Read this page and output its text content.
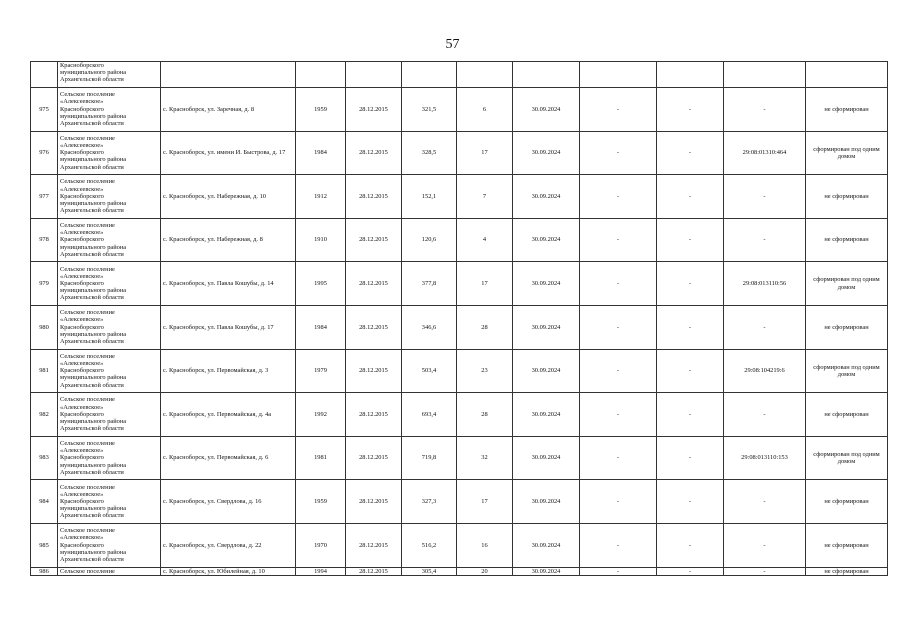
57
	Красноборского
муниципального района
Архангельской области										
975	Сельское поселение
«Алексеевское»
Красноборского
муниципального района
Архангельской области	с. Красноборск, ул. Заречная, д. 8	1959	28.12.2015	321,5	6	30.09.2024	-	-	-	не сформирован
976	Сельское поселение
«Алексеевское»
Красноборского
муниципального района
Архангельской области	с. Красноборск, ул. имени И. Быстрова, д. 17	1984	28.12.2015	328,5	17	30.09.2024	-	-	29:08:01310:464	сформирован под одним домом
977	Сельское поселение
«Алексеевское»
Красноборского
муниципального района
Архангельской области	с. Красноборск, ул. Набережная, д. 10	1912	28.12.2015	152,1	7	30.09.2024	-	-	-	не сформирован
978	Сельское поселение
«Алексеевское»
Красноборского
муниципального района
Архангельской области	с. Красноборск, ул. Набережная, д. 8	1910	28.12.2015	120,6	4	30.09.2024	-	-	-	не сформирован
979	Сельское поселение
«Алексеевское»
Красноборского
муниципального района
Архангельской области	с. Красноборск, ул. Павла Кошубы, д. 14	1995	28.12.2015	377,8	17	30.09.2024	-	-	29:08:013110:56	сформирован под одним домом
980	Сельское поселение
«Алексеевское»
Красноборского
муниципального района
Архангельской области	с. Красноборск, ул. Павла Кошубы, д. 17	1984	28.12.2015	346,6	28	30.09.2024	-	-	-	не сформирован
981	Сельское поселение
«Алексеевское»
Красноборского
муниципального района
Архангельской области	с. Красноборск, ул. Первомайская, д. 3	1979	28.12.2015	503,4	23	30.09.2024	-	-	29:08:104219:6	сформирован под одним домом
982	Сельское поселение
«Алексеевское»
Красноборского
муниципального района
Архангельской области	с. Красноборск, ул. Первомайская, д. 4а	1992	28.12.2015	693,4	28	30.09.2024	-	-	-	не сформирован
983	Сельское поселение
«Алексеевское»
Красноборского
муниципального района
Архангельской области	с. Красноборск, ул. Первомайская, д. 6	1981	28.12.2015	719,8	32	30.09.2024	-	-	29:08:013110:153	сформирован под одним домом
984	Сельское поселение
«Алексеевское»
Красноборского
муниципального района
Архангельской области	с. Красноборск, ул. Свердлова, д. 16	1959	28.12.2015	327,3	17	30.09.2024	-	-	-	не сформирован
985	Сельское поселение
«Алексеевское»
Красноборского
муниципального района
Архангельской области	с. Красноборск, ул. Свердлова, д. 22	1970	28.12.2015	516,2	16	30.09.2024	-	-	-	не сформирован
986	Сельское поселение	с. Красноборск, ул. Юбилейная, д. 10	1994	28.12.2015	305,4	20	30.09.2024	-	-	-	не сформирован
